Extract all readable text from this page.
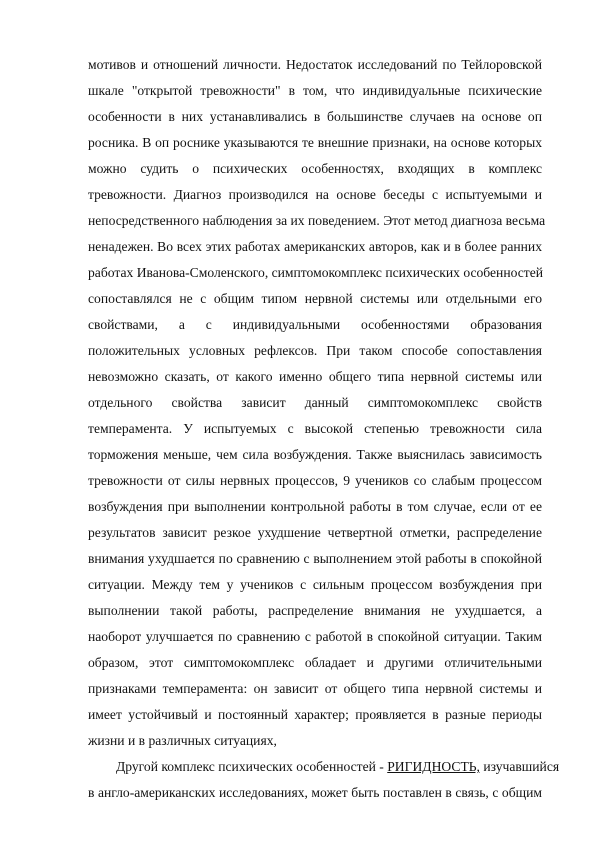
мотивов и отношений личности. Недостаток исследований по Тейлоровской
шкале "открытой тревожности" в том, что индивидуальные психические
особенности в них устанавливались в большинстве случаев на основе оп
росника. В оп роснике указываются те внешние признаки, на основе которых
можно судить о психических особенностях, входящих в комплекс
тревожности. Диагноз производился на основе беседы с испытуемыми и
непосредственного наблюдения за их поведением. Этот метод диагноза весьма
ненадежен. Во всех этих работах американских авторов, как и в более ранних
работах Иванова-Смоленского, симптомокомплекс психических особенностей
сопоставлялся не с общим типом нервной системы или отдельными его
свойствами, а с индивидуальными особенностями образования
положительных условных рефлексов. При таком способе сопоставления
невозможно сказать, от какого именно общего типа нервной системы или
отдельного свойства зависит данный симптомокомплекс свойств
темперамента. У испытуемых с высокой степенью тревожности сила
торможения меньше, чем сила возбуждения. Также выяснилась зависимость
тревожности от силы нервных процессов, 9 учеников со слабым процессом
возбуждения при выполнении контрольной работы в том случае, если от ее
результатов зависит резкое ухудшение четвертной отметки, распределение
внимания ухудшается по сравнению с выполнением этой работы в спокойной
ситуации. Между тем у учеников с сильным процессом возбуждения при
выполнении такой работы, распределение внимания не ухудшается, а
наоборот улучшается по сравнению с работой в спокойной ситуации. Таким
образом, этот симптомокомплекс обладает и другими отличительными
признаками темперамента: он зависит от общего типа нервной системы и
имеет устойчивый и постоянный характер; проявляется в разные периоды
жизни и в различных ситуациях,
Другой комплекс психических особенностей - РИГИДНОСТЬ, изучавшийся
в англо-американских исследованиях, может быть поставлен в связь, с общим
